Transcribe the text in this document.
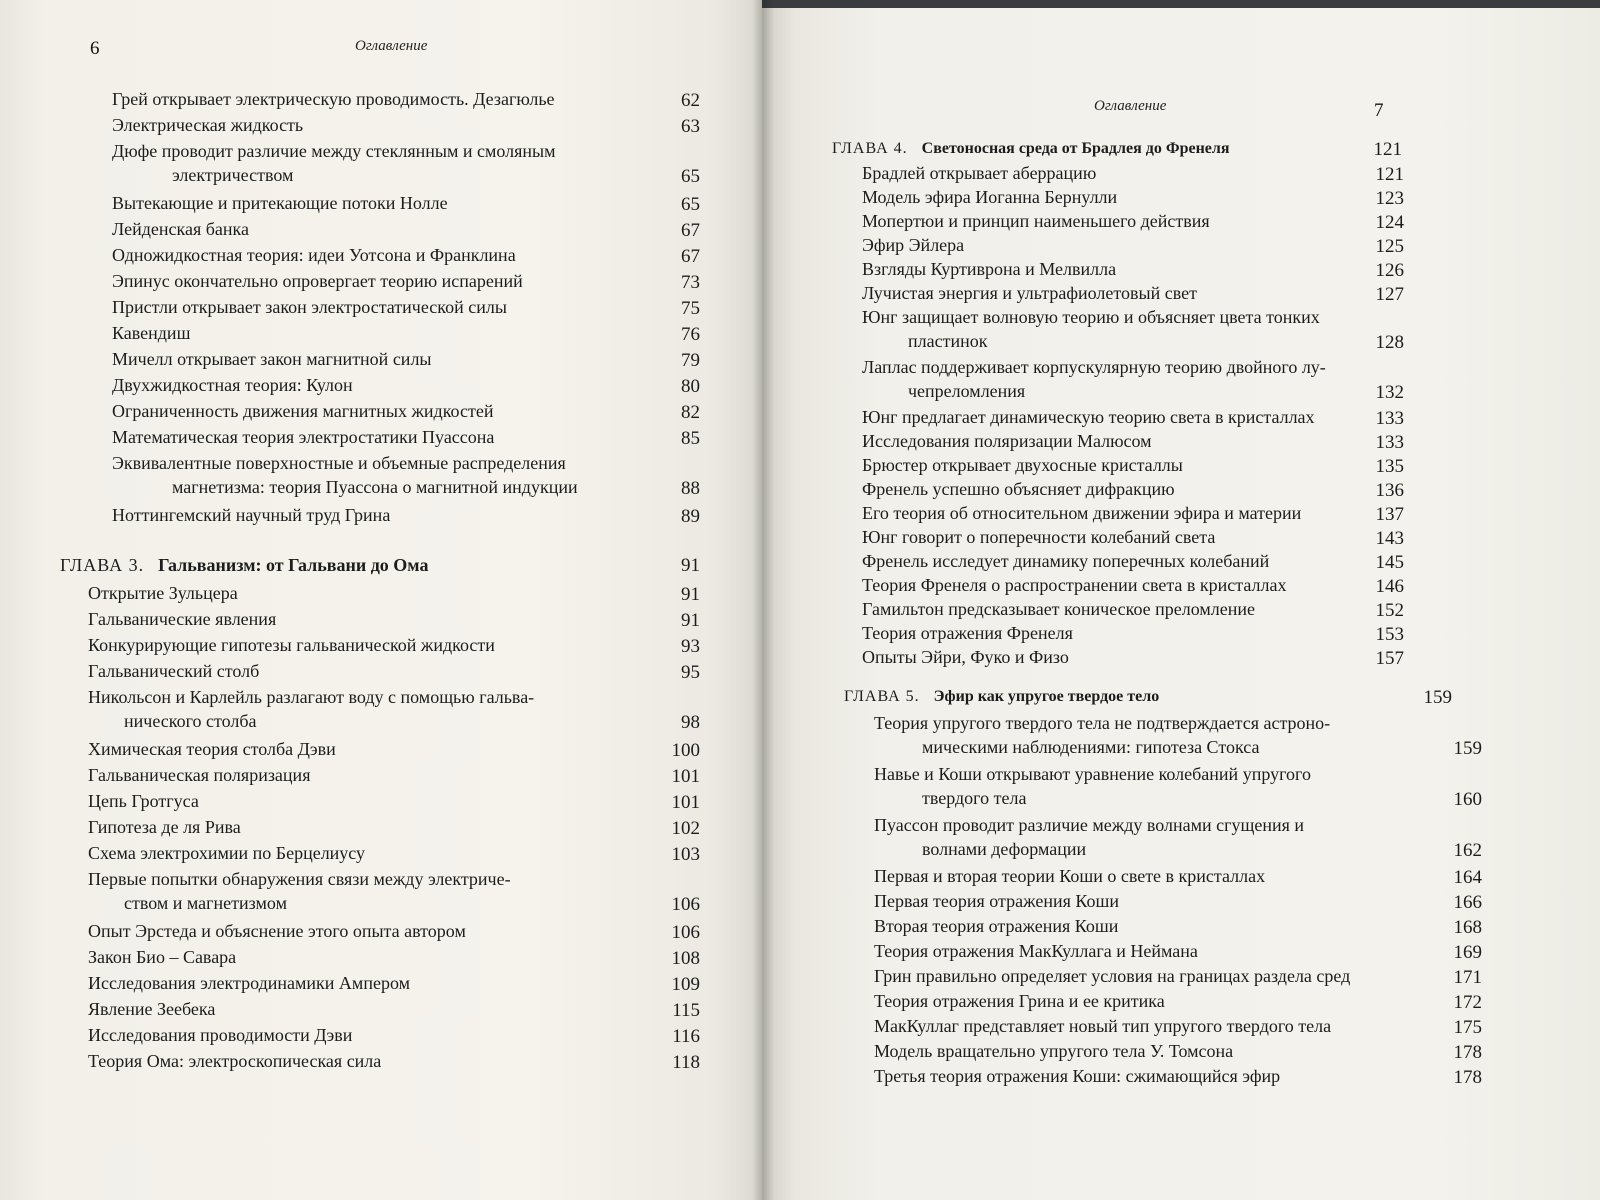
6	Оглавление
Грей открывает электрическую проводимость. Дезагюлье	62
Электрическая жидкость	63
Дюфе проводит различие между стеклянным и смоляным
электричеством	65
Вытекающие и притекающие потоки Нолле	65
Лейденская банка	67
Одножидкостная теория: идеи Уотсона и Франклина	67
Эпинус окончательно опровергает теорию испарений	73
Пристли открывает закон электростатической силы	75
Кавендиш	76
Мичелл открывает закон магнитной силы	79
Двухжидкостная теория: Кулон	80
Ограниченность движения магнитных жидкостей	82
Математическая теория электростатики Пуассона	85
Эквивалентные поверхностные и объемные распределения
магнетизма: теория Пуассона о магнитной индукции	88
Ноттингемский научный труд Грина	89
ГЛАВА 3. Гальванизм: от Гальвани до Ома	91
Открытие Зульцера	91
Гальванические явления	91
Конкурирующие гипотезы гальванической жидкости	93
Гальванический столб	95
Никольсон и Карлейль разлагают воду с помощью гальва-
нического столба	98
Химическая теория столба Дэви	100
Гальваническая поляризация	101
Цепь Гротгуса	101
Гипотеза де ля Рива	102
Схема электрохимии по Берцелиусу	103
Первые попытки обнаружения связи между электриче-
ством и магнетизмом	106
Опыт Эрстеда и объяснение этого опыта автором	106
Закон Био – Савара	108
Исследования электродинамики Ампером	109
Явление Зеебека	115
Исследования проводимости Дэви	116
Теория Ома: электроскопическая сила	118
Оглавление	7
ГЛАВА 4. Светоносная среда от Брадлея до Френеля	121
Брадлей открывает аберрацию	121
Модель эфира Иоганна Бернулли	123
Мопертюи и принцип наименьшего действия	124
Эфир Эйлера	125
Взгляды Куртиврона и Мелвилла	126
Лучистая энергия и ультрафиолетовый свет	127
Юнг защищает волновую теорию и объясняет цвета тонких
пластинок	128
Лаплас поддерживает корпускулярную теорию двойного лу-
чепреломления	132
Юнг предлагает динамическую теорию света в кристаллах	133
Исследования поляризации Малюсом	133
Брюстер открывает двухосные кристаллы	135
Френель успешно объясняет дифракцию	136
Его теория об относительном движении эфира и материи	137
Юнг говорит о поперечности колебаний света	143
Френель исследует динамику поперечных колебаний	145
Теория Френеля о распространении света в кристаллах	146
Гамильтон предсказывает коническое преломление	152
Теория отражения Френеля	153
Опыты Эйри, Фуко и Физо	157
ГЛАВА 5. Эфир как упругое твердое тело	159
Теория упругого твердого тела не подтверждается астроно-
мическими наблюдениями: гипотеза Стокса	159
Навье и Коши открывают уравнение колебаний упругого
твердого тела	160
Пуассон проводит различие между волнами сгущения и
волнами деформации	162
Первая и вторая теории Коши о свете в кристаллах	164
Первая теория отражения Коши	166
Вторая теория отражения Коши	168
Теория отражения МакКуллага и Неймана	169
Грин правильно определяет условия на границах раздела сред	171
Теория отражения Грина и ее критика	172
МакКуллаг представляет новый тип упругого твердого тела	175
Модель вращательно упругого тела У. Томсона	178
Третья теория отражения Коши: сжимающийся эфир	178
